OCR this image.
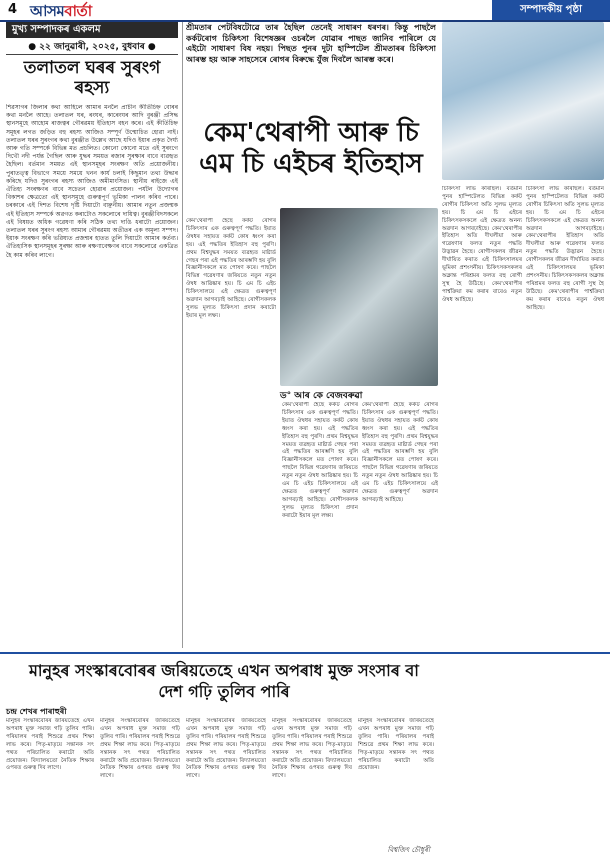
4 আসমবার্তা	সম্পাদকীয় পৃষ্ঠা
মুখ্য সম্পাদকৰ একলম
● ২২ জানুৱাৰী, ২০২৫, বুধবাৰ ●
তলাতল ঘৰৰ সুৰংগ ৰহস্য
শিৱসাগৰ জিলাৰ কথা আহিলে আমাৰ মনলৈ প্ৰাচীন কীৰ্তিচিহ্ন বোৰৰ কথা মনলৈ আহে। তলাতল ঘৰ, ৰংঘৰ, কাৰেংঘৰ আদি বুৰঞ্জী প্ৰসিদ্ধ স্থানসমূহে আহোম ৰাজত্বৰ গৌৰৱময় ইতিহাস বহন কৰে। এই কীৰ্তিচিহ্ন সমূহৰ লগত জড়িত বহু ৰহস্য আজিও সম্পূৰ্ণ উন্মোচিত হোৱা নাই। তলাতল ঘৰৰ সুৰংগৰ কথা বুৰঞ্জীত উল্লেখ আছে যদিও ইয়াৰ প্ৰকৃত দৈৰ্ঘ্য আৰু গতি সম্পৰ্কে বিভিন্ন মত প্ৰচলিত। কোনো কোনো মতে এই সুৰংগে দিখৌ নদী পৰ্যন্ত গৈছিল আৰু যুদ্ধৰ সময়ত ৰজাৰ সুৰক্ষাৰ বাবে ব্যৱহৃত হৈছিল। বৰ্তমান সময়ত এই স্থানসমূহৰ সংৰক্ষণ অতি প্ৰয়োজনীয়। পুৰাতত্ত্ব বিভাগে সময়ে সময়ে খনন কাৰ্য চলাই কিছুমান তথ্য উদ্ধাৰ কৰিছে যদিও সুৰংগৰ ৰহস্য আজিও অমীমাংসিত। স্থানীয় ৰাইজে এই ঐতিহ্য সংৰক্ষণৰ বাবে সচেতন হোৱাৰ প্ৰয়োজন। পৰ্যটন উদ্যোগৰ বিকাশৰ ক্ষেত্ৰতো এই স্থানসমূহে গুৰুত্বপূৰ্ণ ভূমিকা পালন কৰিব পাৰে। চৰকাৰে এই দিশত বিশেষ দৃষ্টি দিয়াটো বাঞ্ছনীয়। আমাৰ নতুন প্ৰজন্মক এই ইতিহাস সম্পৰ্কে অৱগত কৰাটোও সকলোৰে দায়িত্ব। বুৰঞ্জীবিদসকলে এই বিষয়ত অধিক গৱেষণা কৰি সঠিক তথ্য দাঙি ধৰাটো প্ৰয়োজন। তলাতল ঘৰৰ সুৰংগ ৰহস্য আমাৰ গৌৰৱময় অতীতৰ এক অমূল্য সম্পদ। ইয়াক সংৰক্ষণ কৰি ভৱিষ্যত প্ৰজন্মৰ হাতত তুলি দিয়াটো আমাৰ কৰ্তব্য। ঐতিহাসিক স্থানসমূহৰ সুৰক্ষা আৰু ৰক্ষণাবেক্ষণৰ বাবে সকলোৱে একত্ৰিত হৈ কাম কৰিব লাগে।
শ্ৰীমতাৰ পেটবিষটোৱে তাৰ হৈছিল তেনেই সাধাৰণ ধৰণৰ। কিন্তু পাছলৈ কৰ্কটৰোগ চিকিৎসা বিশেষজ্ঞৰ ওচৰলৈ যোৱাৰ পাছত জানিব পাৰিলে যে এইটো সাধাৰণ বিষ নহয়। পিছত পুনৰ দুটা হাস্পিটেল শ্ৰীমতাৰৰ চিকিৎসা আৰম্ভ হয় আৰু সাহসেৰে ৰোগৰ বিৰুদ্ধে যুঁজ দিবলৈ আৰম্ভ কৰে।
কেম'থেৰাপী আৰু চি এম চি এইচৰ ইতিহাস
ড° আৰ কে বেজবৰুৱা
কেম'থেৰাপী হৈছে কৰ্কট ৰোগৰ চিকিৎসাৰ এক গুৰুত্বপূৰ্ণ পদ্ধতি। ইয়াত ঔষধৰ সহায়ত কৰ্কট কোষ ধ্বংস কৰা হয়। এই পদ্ধতিৰ ইতিহাস বহু পুৰণি। প্ৰথম বিশ্বযুদ্ধৰ সময়ত ব্যৱহৃত মাষ্টাৰ্ড গেছৰ পৰা এই পদ্ধতিৰ আৰম্ভণি হয় বুলি বিজ্ঞানীসকলে মত পোষণ কৰে। পাছলৈ বিভিন্ন গৱেষণাৰ জৰিয়তে নতুন নতুন ঔষধ আৱিষ্কাৰ হয়। চি এম চি এইচ চিকিৎসালয়ে এই ক্ষেত্ৰত গুৰুত্বপূৰ্ণ অৱদান আগবঢ়াই আহিছে। ৰোগীসকলক সুলভ মূল্যত চিকিৎসা প্ৰদান কৰাটো ইয়াৰ মূল লক্ষ্য।
কেম'থেৰাপী হৈছে কৰ্কট ৰোগৰ চিকিৎসাৰ এক গুৰুত্বপূৰ্ণ পদ্ধতি। ইয়াত ঔষধৰ সহায়ত কৰ্কট কোষ ধ্বংস কৰা হয়। এই পদ্ধতিৰ ইতিহাস বহু পুৰণি। প্ৰথম বিশ্বযুদ্ধৰ সময়ত ব্যৱহৃত মাষ্টাৰ্ড গেছৰ পৰা এই পদ্ধতিৰ আৰম্ভণি হয় বুলি বিজ্ঞানীসকলে মত পোষণ কৰে। পাছলৈ বিভিন্ন গৱেষণাৰ জৰিয়তে নতুন নতুন ঔষধ আৱিষ্কাৰ হয়। চি এম চি এইচ চিকিৎসালয়ে এই ক্ষেত্ৰত গুৰুত্বপূৰ্ণ অৱদান আগবঢ়াই আহিছে। ৰোগীসকলক সুলভ মূল্যত চিকিৎসা প্ৰদান কৰাটো ইয়াৰ মূল লক্ষ্য।
কেম'থেৰাপী হৈছে কৰ্কট ৰোগৰ চিকিৎসাৰ এক গুৰুত্বপূৰ্ণ পদ্ধতি। ইয়াত ঔষধৰ সহায়ত কৰ্কট কোষ ধ্বংস কৰা হয়। এই পদ্ধতিৰ ইতিহাস বহু পুৰণি। প্ৰথম বিশ্বযুদ্ধৰ সময়ত ব্যৱহৃত মাষ্টাৰ্ড গেছৰ পৰা এই পদ্ধতিৰ আৰম্ভণি হয় বুলি বিজ্ঞানীসকলে মত পোষণ কৰে। পাছলৈ বিভিন্ন গৱেষণাৰ জৰিয়তে নতুন নতুন ঔষধ আৱিষ্কাৰ হয়। চি এম চি এইচ চিকিৎসালয়ে এই ক্ষেত্ৰত গুৰুত্বপূৰ্ণ অৱদান আগবঢ়াই আহিছে।
চিকিৎসা লাভ কৰিছিল। বৰ্তমান পুনৰ হাস্পিটেলত বিভিন্ন কৰ্কট ৰোগীৰ চিকিৎসা অতি সুলভ মূল্যত হয়। চি এম চি এইচৰ চিকিৎসকসকলে এই ক্ষেত্ৰত অনন্য অৱদান আগবঢ়াইছে। কেম'থেৰাপীৰ ইতিহাস অতি দীঘলীয়া আৰু গৱেষণাৰ ফলত নতুন পদ্ধতি উদ্ভাৱন হৈছে। ৰোগীসকলৰ জীৱন দীৰ্ঘায়িত কৰাত এই চিকিৎসালয়ৰ ভূমিকা প্ৰশংসনীয়। চিকিৎসকসকলৰ অক্লান্ত পৰিশ্ৰমৰ ফলত বহু ৰোগী সুস্থ হৈ উঠিছে। কেম'থেৰাপীৰ পাৰ্শ্বক্ৰিয়া কম কৰাৰ বাবেও নতুন ঔষধ আহিছে।
চিকিৎসা লাভ কৰিছিল। বৰ্তমান পুনৰ হাস্পিটেলত বিভিন্ন কৰ্কট ৰোগীৰ চিকিৎসা অতি সুলভ মূল্যত হয়। চি এম চি এইচৰ চিকিৎসকসকলে এই ক্ষেত্ৰত অনন্য অৱদান আগবঢ়াইছে। কেম'থেৰাপীৰ ইতিহাস অতি দীঘলীয়া আৰু গৱেষণাৰ ফলত নতুন পদ্ধতি উদ্ভাৱন হৈছে। ৰোগীসকলৰ জীৱন দীৰ্ঘায়িত কৰাত এই চিকিৎসালয়ৰ ভূমিকা প্ৰশংসনীয়। চিকিৎসকসকলৰ অক্লান্ত পৰিশ্ৰমৰ ফলত বহু ৰোগী সুস্থ হৈ উঠিছে। কেম'থেৰাপীৰ পাৰ্শ্বক্ৰিয়া কম কৰাৰ বাবেও নতুন ঔষধ আহিছে।
মানুহৰ সংস্কাৰবোৰৰ জৰিয়তেহে এখন অপৰাধ মুক্ত সংসাৰ বা দেশ গঢ়ি তুলিব পাৰি
চন্দ্ৰ শেখৰ পাৰাহুৰী
মানুহৰ সংস্কাৰবোৰৰ জৰিয়তেহে এখন অপৰাধ মুক্ত সমাজ গঢ়ি তুলিব পাৰি। পৰিয়ালৰ পৰাই শিশুৱে প্ৰথম শিক্ষা লাভ কৰে। পিতৃ-মাতৃয়ে সন্তানক সৎ পথত পৰিচালিত কৰাটো অতি প্ৰয়োজন। বিদ্যালয়তো নৈতিক শিক্ষাৰ ওপৰত গুৰুত্ব দিব লাগে।
মানুহৰ সংস্কাৰবোৰৰ জৰিয়তেহে এখন অপৰাধ মুক্ত সমাজ গঢ়ি তুলিব পাৰি। পৰিয়ালৰ পৰাই শিশুৱে প্ৰথম শিক্ষা লাভ কৰে। পিতৃ-মাতৃয়ে সন্তানক সৎ পথত পৰিচালিত কৰাটো অতি প্ৰয়োজন। বিদ্যালয়তো নৈতিক শিক্ষাৰ ওপৰত গুৰুত্ব দিব লাগে।
মানুহৰ সংস্কাৰবোৰৰ জৰিয়তেহে এখন অপৰাধ মুক্ত সমাজ গঢ়ি তুলিব পাৰি। পৰিয়ালৰ পৰাই শিশুৱে প্ৰথম শিক্ষা লাভ কৰে। পিতৃ-মাতৃয়ে সন্তানক সৎ পথত পৰিচালিত কৰাটো অতি প্ৰয়োজন। বিদ্যালয়তো নৈতিক শিক্ষাৰ ওপৰত গুৰুত্ব দিব লাগে।
মানুহৰ সংস্কাৰবোৰৰ জৰিয়তেহে এখন অপৰাধ মুক্ত সমাজ গঢ়ি তুলিব পাৰি। পৰিয়ালৰ পৰাই শিশুৱে প্ৰথম শিক্ষা লাভ কৰে। পিতৃ-মাতৃয়ে সন্তানক সৎ পথত পৰিচালিত কৰাটো অতি প্ৰয়োজন। বিদ্যালয়তো নৈতিক শিক্ষাৰ ওপৰত গুৰুত্ব দিব লাগে।
মানুহৰ সংস্কাৰবোৰৰ জৰিয়তেহে এখন অপৰাধ মুক্ত সমাজ গঢ়ি তুলিব পাৰি। পৰিয়ালৰ পৰাই শিশুৱে প্ৰথম শিক্ষা লাভ কৰে। পিতৃ-মাতৃয়ে সন্তানক সৎ পথত পৰিচালিত কৰাটো অতি প্ৰয়োজন।
বিশ্বজিৎ চৌধুৰী
